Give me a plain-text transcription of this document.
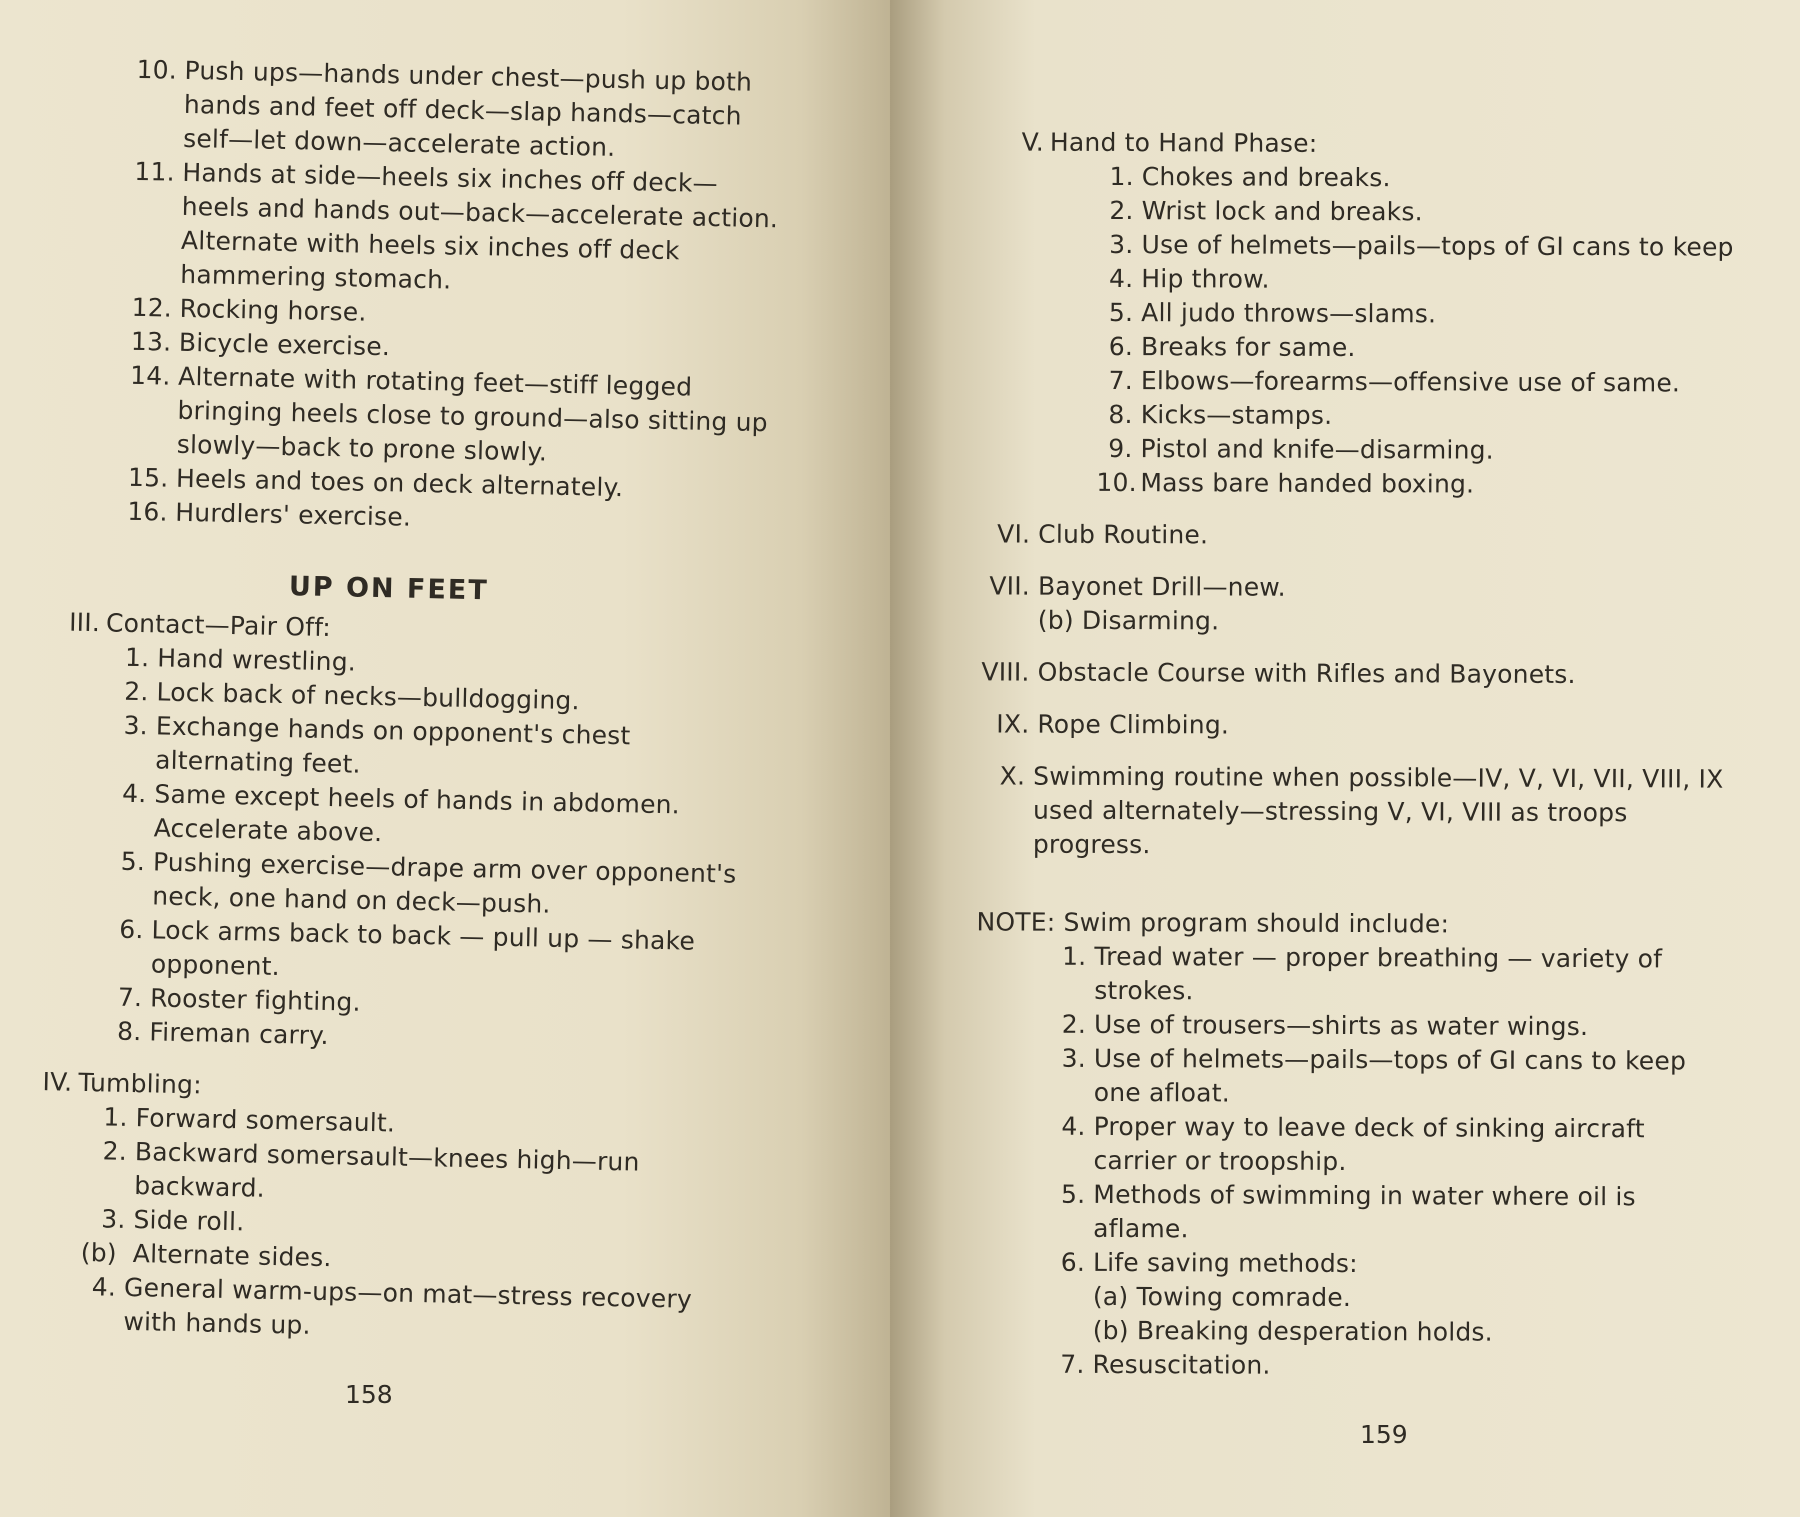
10. Push ups—hands under chest—push up both hands and feet off deck—slap hands—catch self—let down—accelerate action.
11. Hands at side—heels six inches off deck—heels and hands out—back—accelerate action. Alternate with heels six inches off deck hammering stomach.
12. Rocking horse.
13. Bicycle exercise.
14. Alternate with rotating feet—stiff legged bringing heels close to ground—also sitting up slowly—back to prone slowly.
15. Heels and toes on deck alternately.
16. Hurdlers' exercise.
UP ON FEET
III. Contact—Pair Off:
1. Hand wrestling.
2. Lock back of necks—bulldogging.
3. Exchange hands on opponent's chest alternating feet.
4. Same except heels of hands in abdomen. Accelerate above.
5. Pushing exercise—drape arm over opponent's neck, one hand on deck—push.
6. Lock arms back to back — pull up — shake opponent.
7. Rooster fighting.
8. Fireman carry.
IV. Tumbling:
1. Forward somersault.
2. Backward somersault—knees high—run backward.
3. Side roll.
(b) Alternate sides.
4. General warm-ups—on mat—stress recovery with hands up.
158
V. Hand to Hand Phase:
1. Chokes and breaks.
2. Wrist lock and breaks.
3. Use of helmets—pails—tops of GI cans to keep
4. Hip throw.
5. All judo throws—slams.
6. Breaks for same.
7. Elbows—forearms—offensive use of same.
8. Kicks—stamps.
9. Pistol and knife—disarming.
10. Mass bare handed boxing.
VI. Club Routine.
VII. Bayonet Drill—new.
(b) Disarming.
VIII. Obstacle Course with Rifles and Bayonets.
IX. Rope Climbing.
X. Swimming routine when possible—IV, V, VI, VII, VIII, IX used alternately—stressing V, VI, VIII as troops progress.
NOTE: Swim program should include:
1. Tread water — proper breathing — variety of strokes.
2. Use of trousers—shirts as water wings.
3. Use of helmets—pails—tops of GI cans to keep one afloat.
4. Proper way to leave deck of sinking aircraft carrier or troopship.
5. Methods of swimming in water where oil is aflame.
6. Life saving methods:
(a) Towing comrade.
(b) Breaking desperation holds.
7. Resuscitation.
159
